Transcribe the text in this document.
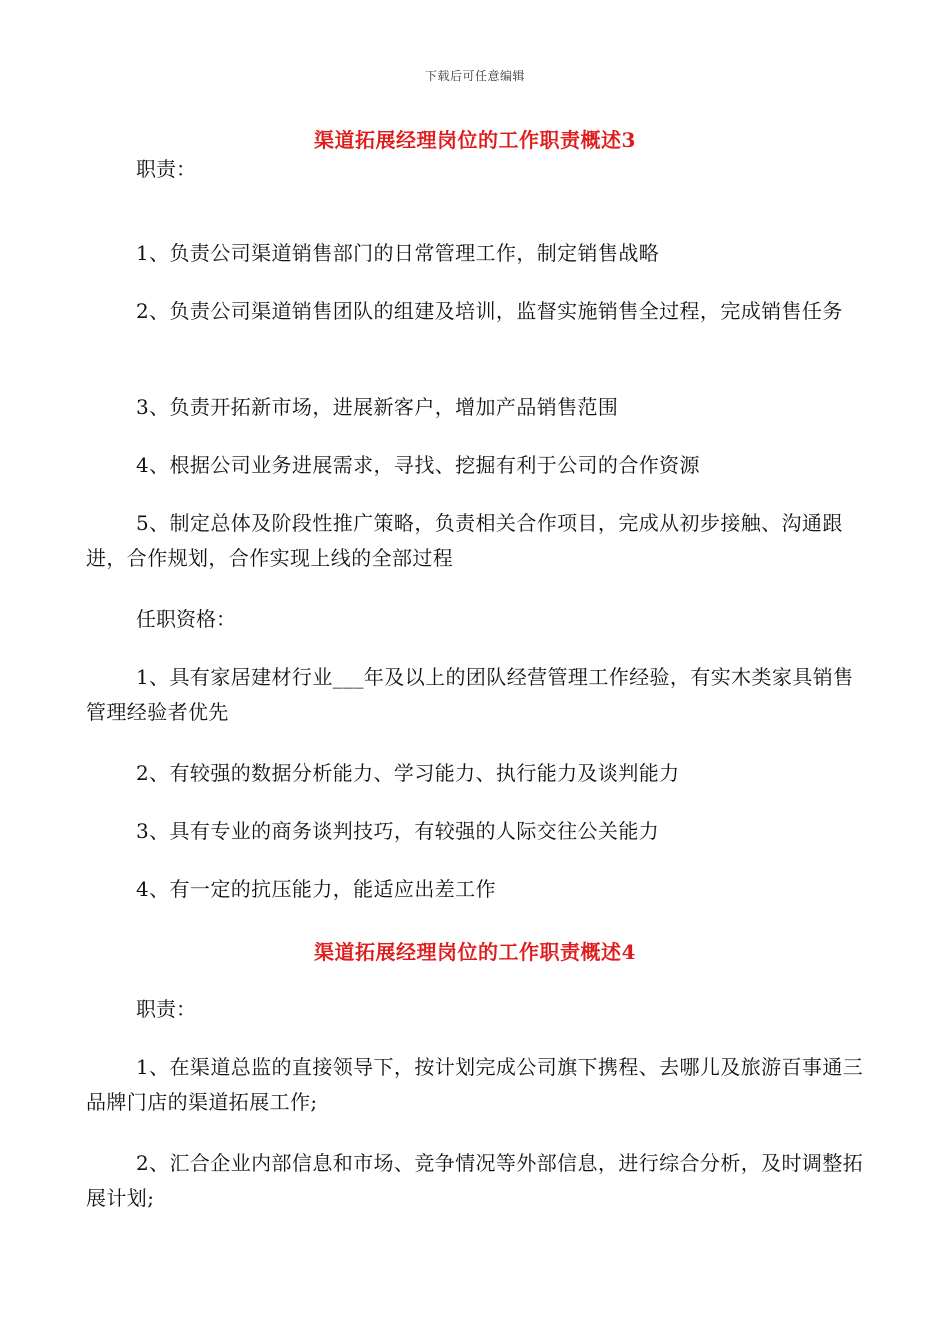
下载后可任意编辑
渠道拓展经理岗位的工作职责概述3
职责：
1、负责公司渠道销售部门的日常管理工作，制定销售战略
2、负责公司渠道销售团队的组建及培训，监督实施销售全过程，完成销售任务
3、负责开拓新市场，进展新客户，增加产品销售范围
4、根据公司业务进展需求，寻找、挖掘有利于公司的合作资源
5、制定总体及阶段性推广策略，负责相关合作项目，完成从初步接触、沟通跟进，合作规划，合作实现上线的全部过程
任职资格：
1、具有家居建材行业___年及以上的团队经营管理工作经验，有实木类家具销售管理经验者优先
2、有较强的数据分析能力、学习能力、执行能力及谈判能力
3、具有专业的商务谈判技巧，有较强的人际交往公关能力
4、有一定的抗压能力，能适应出差工作
渠道拓展经理岗位的工作职责概述4
职责：
1、在渠道总监的直接领导下，按计划完成公司旗下携程、去哪儿及旅游百事通三品牌门店的渠道拓展工作;
2、汇合企业内部信息和市场、竞争情况等外部信息，进行综合分析，及时调整拓展计划;
